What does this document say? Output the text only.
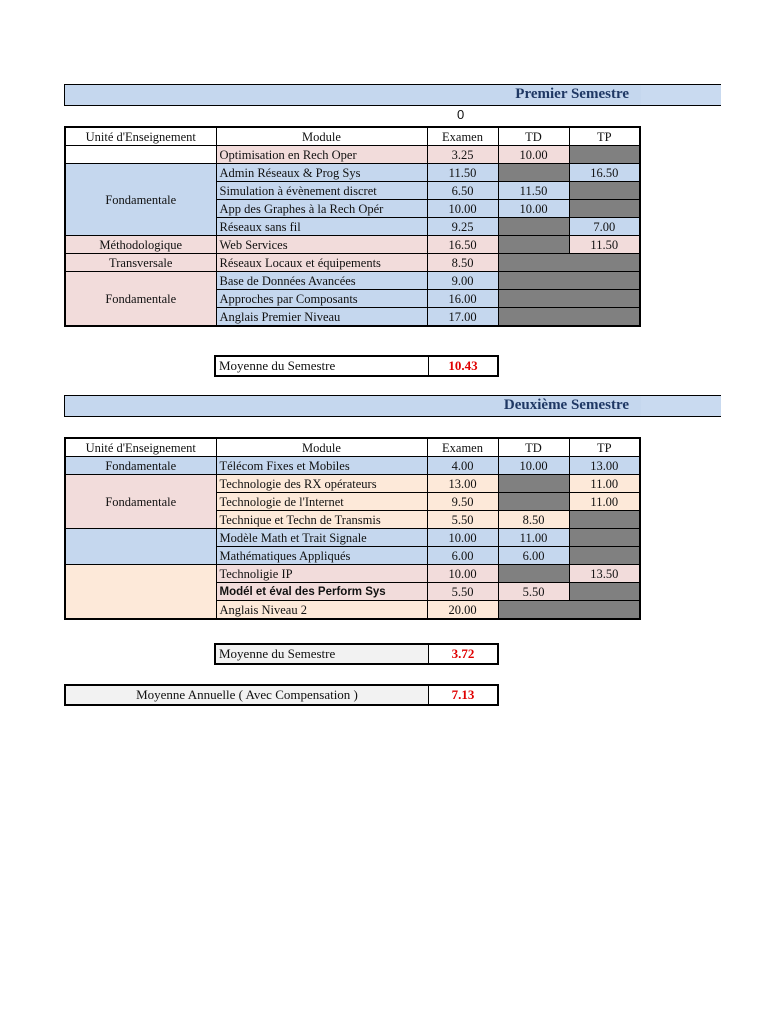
Premier Semestre
0
Unité d'Enseignement	Module	Examen	TD	TP
	Optimisation en Rech Oper	3.25	10.00	
Fondamentale	Admin Réseaux & Prog Sys	11.50		16.50
	Simulation à évènement discret	6.50	11.50	
	App des Graphes à la Rech Opér	10.00	10.00	
	Réseaux sans fil	9.25		7.00
Méthodologique	Web Services	16.50		11.50
Transversale	Réseaux Locaux et équipements	8.50		
Fondamentale	Base de Données Avancées	9.00		
	Approches par Composants	16.00		
	Anglais Premier Niveau	17.00		
Moyenne du Semestre	10.43
Deuxième Semestre
Unité d'Enseignement	Module	Examen	TD	TP
Fondamentale	Télécom Fixes et Mobiles	4.00	10.00	13.00
Fondamentale	Technologie des RX opérateurs	13.00		11.00
	Technologie de l'Internet	9.50		11.00
	Technique et Techn de Transmis	5.50	8.50	
	Modèle Math et Trait Signale	10.00	11.00	
	Mathématiques Appliqués	6.00	6.00	
	Technoligie IP	10.00		13.50
	Modél et éval des Perform Sys	5.50	5.50	
	Anglais Niveau 2	20.00		
Moyenne du Semestre	3.72
Moyenne Annuelle ( Avec Compensation )	7.13
